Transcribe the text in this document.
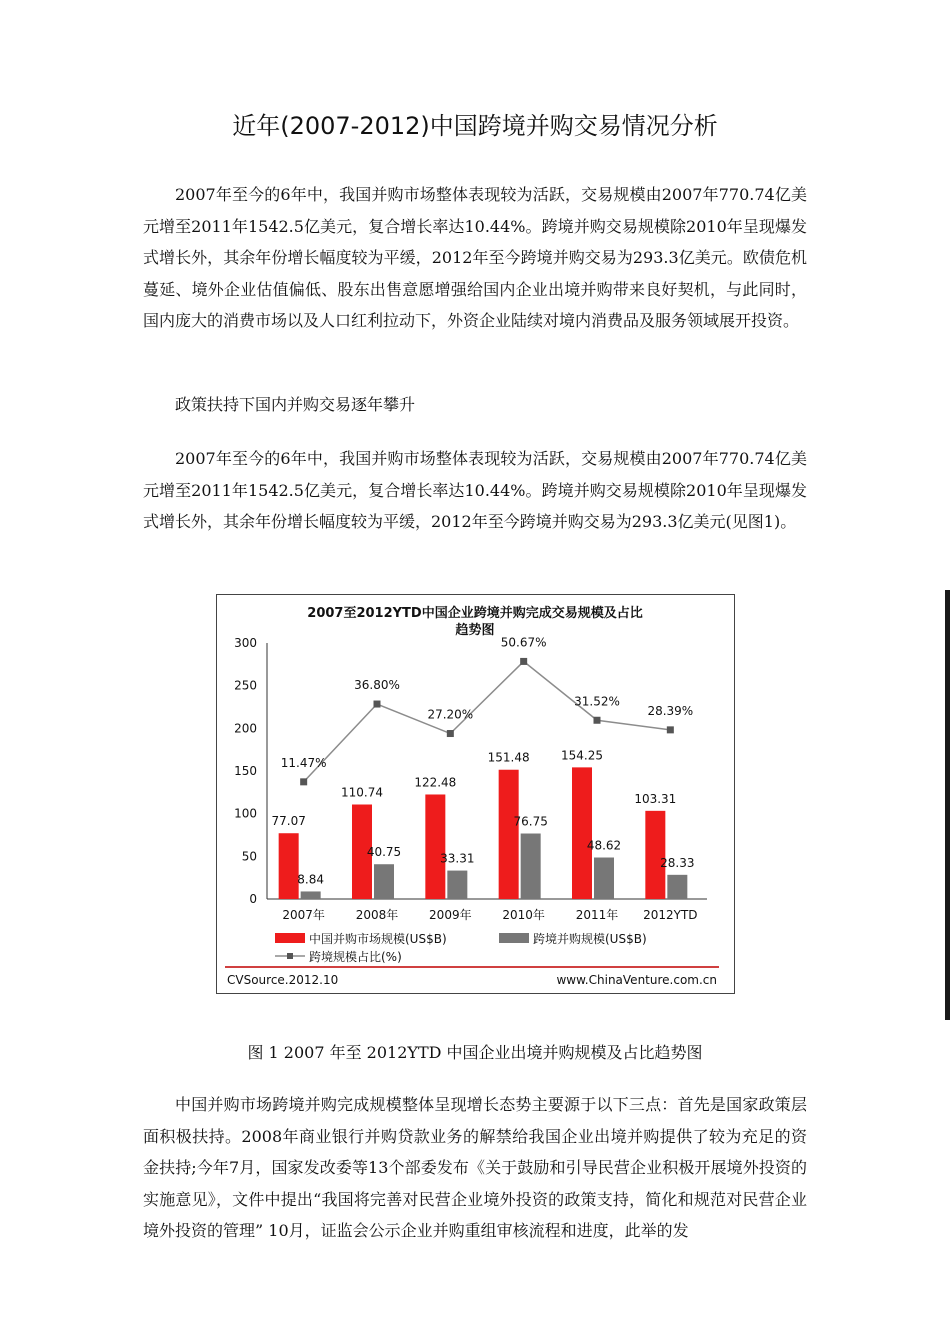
近年(2007-2012)中国跨境并购交易情况分析

2007年至今的6年中，我国并购市场整体表现较为活跃，交易规模由2007年770.74亿美元增至2011年1542.5亿美元，复合增长率达10.44%。跨境并购交易规模除2010年呈现爆发式增长外，其余年份增长幅度较为平缓，2012年至今跨境并购交易为293.3亿美元。欧债危机蔓延、境外企业估值偏低、股东出售意愿增强给国内企业出境并购带来良好契机，与此同时，国内庞大的消费市场以及人口红利拉动下，外资企业陆续对境内消费品及服务领域展开投资。

政策扶持下国内并购交易逐年攀升

2007年至今的6年中，我国并购市场整体表现较为活跃，交易规模由2007年770.74亿美元增至2011年1542.5亿美元，复合增长率达10.44%。跨境并购交易规模除2010年呈现爆发式增长外，其余年份增长幅度较为平缓，2012年至今跨境并购交易为293.3亿美元(见图1)。

2007至2012YTD中国企业跨境并购完成交易规模及占比
趋势图
0
50
100
150
200
250
300
77.07
8.84
2007年
110.74
40.75
2008年
122.48
33.31
2009年
151.48
76.75
2010年
154.25
48.62
2011年
103.31
28.33
2012YTD
11.47%
36.80%
27.20%
50.67%
31.52%
28.39%
中国并购市场规模(US$B)	跨境并购规模(US$B)
跨境规模占比(%)
CVSource.2012.10	www.ChinaVenture.com.cn
图 1 2007 年至 2012YTD 中国企业出境并购规模及占比趋势图

中国并购市场跨境并购完成规模整体呈现增长态势主要源于以下三点：首先是国家政策层面积极扶持。2008年商业银行并购贷款业务的解禁给我国企业出境并购提供了较为充足的资金扶持;今年7月，国家发改委等13个部委发布《关于鼓励和引导民营企业积极开展境外投资的实施意见》，文件中提出“我国将完善对民营企业境外投资的政策支持，简化和规范对民营企业境外投资的管理” 10月，证监会公示企业并购重组审核流程和进度，此举的发
